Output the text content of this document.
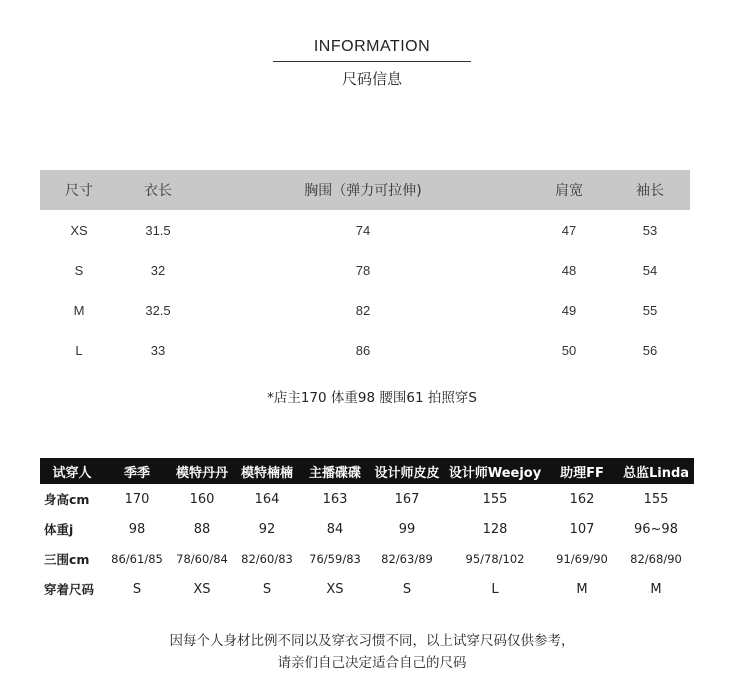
INFORMATION
尺码信息
尺寸	衣长	胸围（弹力可拉伸)	肩宽	袖长
XS	31.5	74	47	53
S	32	78	48	54
M	32.5	82	49	55
L	33	86	50	56
*店主170 体重98 腰围61 拍照穿S
试穿人	季季	模特丹丹	模特楠楠	主播碟碟	设计师皮皮	设计师Weejoy	助理FF	总监Linda
身高cm	170	160	164	163	167	155	162	155
体重j	98	88	92	84	99	128	107	96~98
三围cm	86/61/85	78/60/84	82/60/83	76/59/83	82/63/89	95/78/102	91/69/90	82/68/90
穿着尺码	S	XS	S	XS	S	L	M	M
因每个人身材比例不同以及穿衣习惯不同，以上试穿尺码仅供参考，
请亲们自己决定适合自己的尺码
